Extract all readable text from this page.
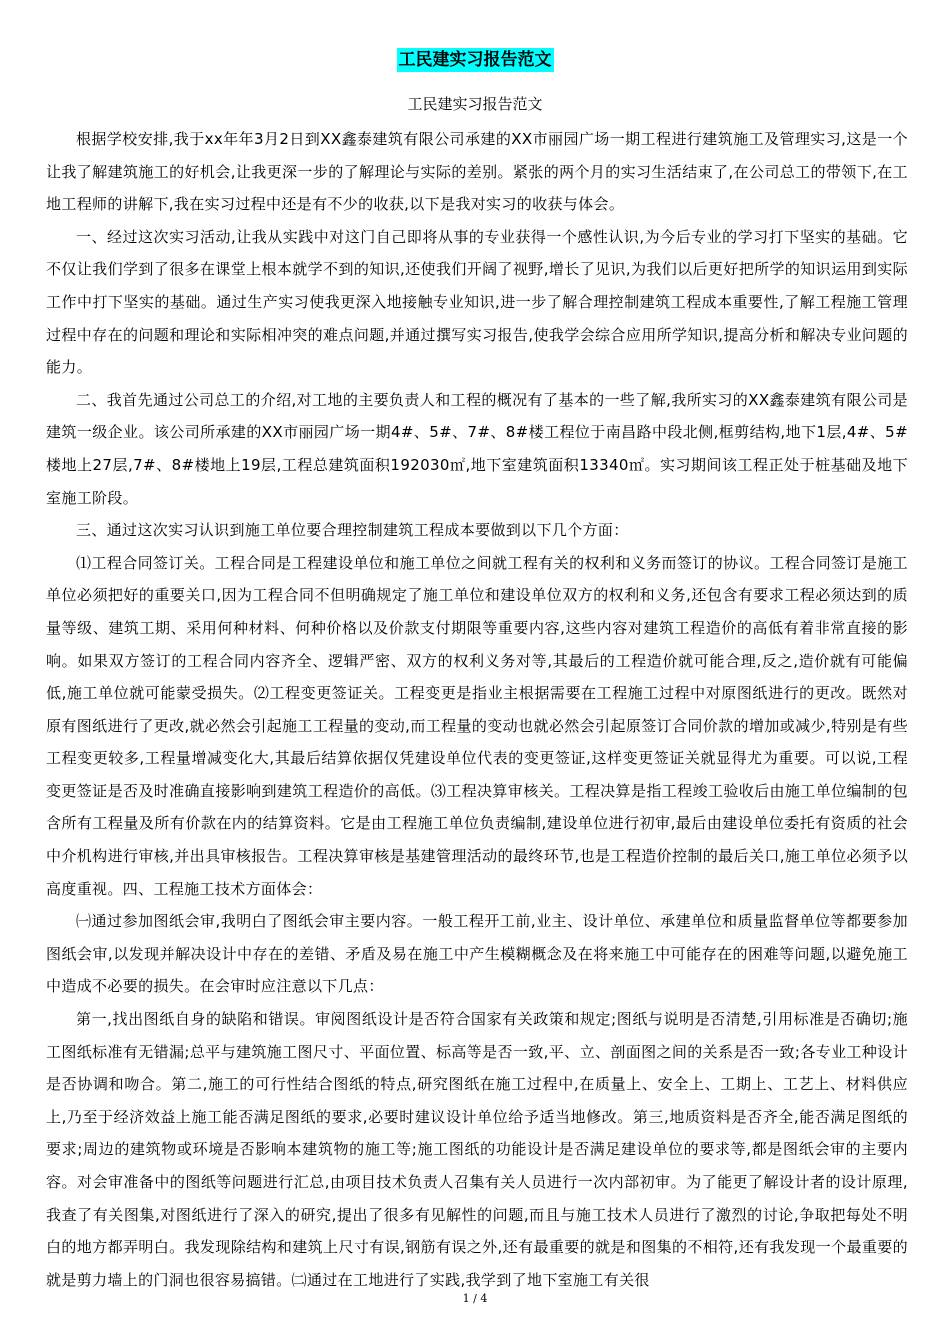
工民建实习报告范文
工民建实习报告范文

根据学校安排,我于xx年年3月2日到XX鑫泰建筑有限公司承建的XX市丽园广场一期工程进行建筑施工及管理实习,这是一个让我了解建筑施工的好机会,让我更深一步的了解理论与实际的差别。紧张的两个月的实习生活结束了,在公司总工的带领下,在工地工程师的讲解下,我在实习过程中还是有不少的收获,以下是我对实习的收获与体会。

一、经过这次实习活动,让我从实践中对这门自己即将从事的专业获得一个感性认识,为今后专业的学习打下坚实的基础。它不仅让我们学到了很多在课堂上根本就学不到的知识,还使我们开阔了视野,增长了见识,为我们以后更好把所学的知识运用到实际工作中打下坚实的基础。通过生产实习使我更深入地接触专业知识,进一步了解合理控制建筑工程成本重要性,了解工程施工管理过程中存在的问题和理论和实际相冲突的难点问题,并通过撰写实习报告,使我学会综合应用所学知识,提高分析和解决专业问题的能力。

二、我首先通过公司总工的介绍,对工地的主要负责人和工程的概况有了基本的一些了解,我所实习的XX鑫泰建筑有限公司是建筑一级企业。该公司所承建的XX市丽园广场一期4#、5#、7#、8#楼工程位于南昌路中段北侧,框剪结构,地下1层,4#、5#楼地上27层,7#、8#楼地上19层,工程总建筑面积192030㎡,地下室建筑面积13340㎡。实习期间该工程正处于桩基础及地下室施工阶段。

三、通过这次实习认识到施工单位要合理控制建筑工程成本要做到以下几个方面：

⑴工程合同签订关。工程合同是工程建设单位和施工单位之间就工程有关的权利和义务而签订的协议。工程合同签订是施工单位必须把好的重要关口,因为工程合同不但明确规定了施工单位和建设单位双方的权利和义务,还包含有要求工程必须达到的质量等级、建筑工期、采用何种材料、何种价格以及价款支付期限等重要内容,这些内容对建筑工程造价的高低有着非常直接的影响。如果双方签订的工程合同内容齐全、逻辑严密、双方的权利义务对等,其最后的工程造价就可能合理,反之,造价就有可能偏低,施工单位就可能蒙受损失。⑵工程变更签证关。工程变更是指业主根据需要在工程施工过程中对原图纸进行的更改。既然对原有图纸进行了更改,就必然会引起施工工程量的变动,而工程量的变动也就必然会引起原签订合同价款的增加或减少,特别是有些工程变更较多,工程量增减变化大,其最后结算依据仅凭建设单位代表的变更签证,这样变更签证关就显得尤为重要。可以说,工程变更签证是否及时准确直接影响到建筑工程造价的高低。⑶工程决算审核关。工程决算是指工程竣工验收后由施工单位编制的包含所有工程量及所有价款在内的结算资料。它是由工程施工单位负责编制,建设单位进行初审,最后由建设单位委托有资质的社会中介机构进行审核,并出具审核报告。工程决算审核是基建管理活动的最终环节,也是工程造价控制的最后关口,施工单位必须予以高度重视。四、工程施工技术方面体会：

㈠通过参加图纸会审,我明白了图纸会审主要内容。一般工程开工前,业主、设计单位、承建单位和质量监督单位等都要参加图纸会审,以发现并解决设计中存在的差错、矛盾及易在施工中产生模糊概念及在将来施工中可能存在的困难等问题,以避免施工中造成不必要的损失。在会审时应注意以下几点：

第一,找出图纸自身的缺陷和错误。审阅图纸设计是否符合国家有关政策和规定;图纸与说明是否清楚,引用标准是否确切;施工图纸标准有无错漏;总平与建筑施工图尺寸、平面位置、标高等是否一致,平、立、剖面图之间的关系是否一致;各专业工种设计是否协调和吻合。第二,施工的可行性结合图纸的特点,研究图纸在施工过程中,在质量上、安全上、工期上、工艺上、材料供应上,乃至于经济效益上施工能否满足图纸的要求,必要时建议设计单位给予适当地修改。第三,地质资料是否齐全,能否满足图纸的要求;周边的建筑物或环境是否影响本建筑物的施工等;施工图纸的功能设计是否满足建设单位的要求等,都是图纸会审的主要内容。对会审准备中的图纸等问题进行汇总,由项目技术负责人召集有关人员进行一次内部初审。为了能更了解设计者的设计原理,我查了有关图集,对图纸进行了深入的研究,提出了很多有见解性的问题,而且与施工技术人员进行了激烈的讨论,争取把每处不明白的地方都弄明白。我发现除结构和建筑上尺寸有误,钢筋有误之外,还有最重要的就是和图集的不相符,还有我发现一个最重要的就是剪力墙上的门洞也很容易搞错。㈡通过在工地进行了实践,我学到了地下室施工有关很

1 / 4
